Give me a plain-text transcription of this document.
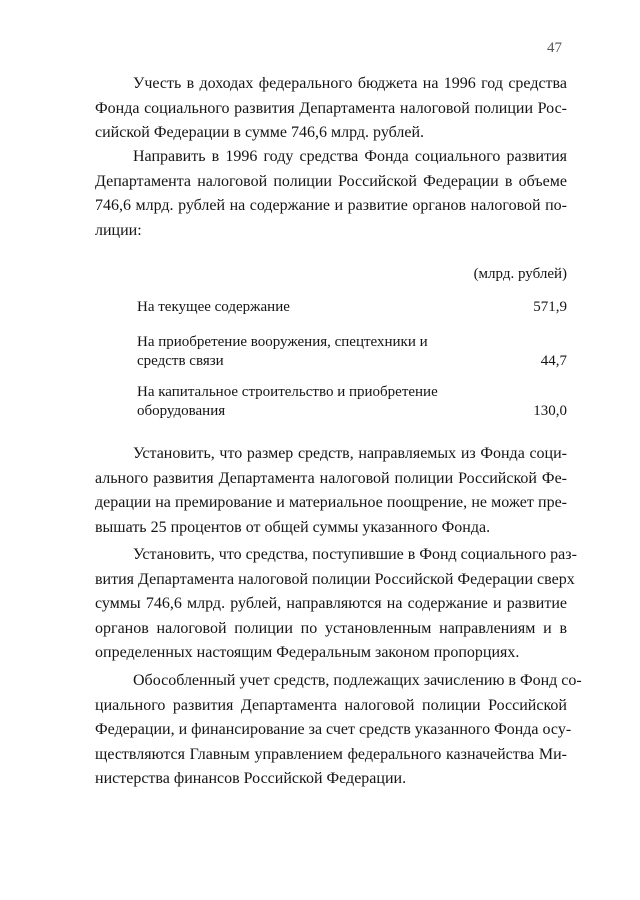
47
Учесть в доходах федерального бюджета на 1996 год средства
Фонда социального развития Департамента налоговой полиции Рос-
сийской Федерации в сумме 746,6 млрд. рублей.
Направить в 1996 году средства Фонда социального развития
Департамента налоговой полиции Российской Федерации в объеме
746,6 млрд. рублей на содержание и развитие органов налоговой по-
лиции:
(млрд. рублей)
На текущее содержание	571,9
На приобретение вооружения, спецтехники и
средств связи	44,7
На капитальное строительство и приобретение
оборудования	130,0
Установить, что размер средств, направляемых из Фонда соци-
ального развития Департамента налоговой полиции Российской Фе-
дерации на премирование и материальное поощрение, не может пре-
вышать 25 процентов от общей суммы указанного Фонда.
Установить, что средства, поступившие в Фонд социального раз-
вития Департамента налоговой полиции Российской Федерации сверх
суммы 746,6 млрд. рублей, направляются на содержание и развитие
органов налоговой полиции по установленным направлениям и в
определенных настоящим Федеральным законом пропорциях.
Обособленный учет средств, подлежащих зачислению в Фонд со-
циального развития Департамента налоговой полиции Российской
Федерации, и финансирование за счет средств указанного Фонда осу-
ществляются Главным управлением федерального казначейства Ми-
нистерства финансов Российской Федерации.
